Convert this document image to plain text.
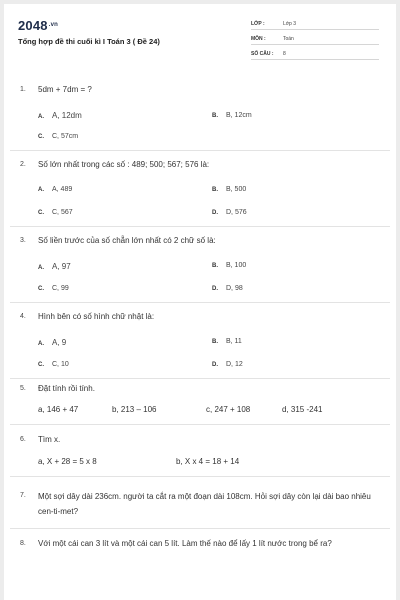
$2048^{.vn}$
Tổng hợp đề thi cuối kì I Toán 3 ( Đề 24)
LỚP :	Lớp 3
MÔN :	Toán
SỐ CÂU : 8
1. 5dm + 7dm = ?
A. A, 12dm	B. B, 12cm
C. C, 57cm
2. Số lớn nhất trong các số : 489; 500; 567; 576 là:
A. A, 489	B. B, 500
C. C, 567	D. D, 576
3. Số liền trước của số chẵn lớn nhất có 2 chữ số là:
A. A, 97	B. B, 100
C. C, 99	D. D, 98
4. Hình bên có số hình chữ nhật là:
A. A, 9	B. B, 11
C. C, 10	D. D, 12
5. Đặt tính rồi tính.
a, 146 + 47	b, 213 – 106	c, 247 + 108	d, 315 -241
6. Tìm x.
a, X + 28 = 5 x 8	b, X x 4 = 18 + 14
7. Một sợi dây dài 236cm. người ta cắt ra một đoạn dài 108cm. Hỏi sợi dây còn lại dài bao nhiêu cen-ti-met?
8. Với một cái can 3 lít và một cái can 5 lít. Làm thế nào để lấy 1 lít nước trong bể ra?
